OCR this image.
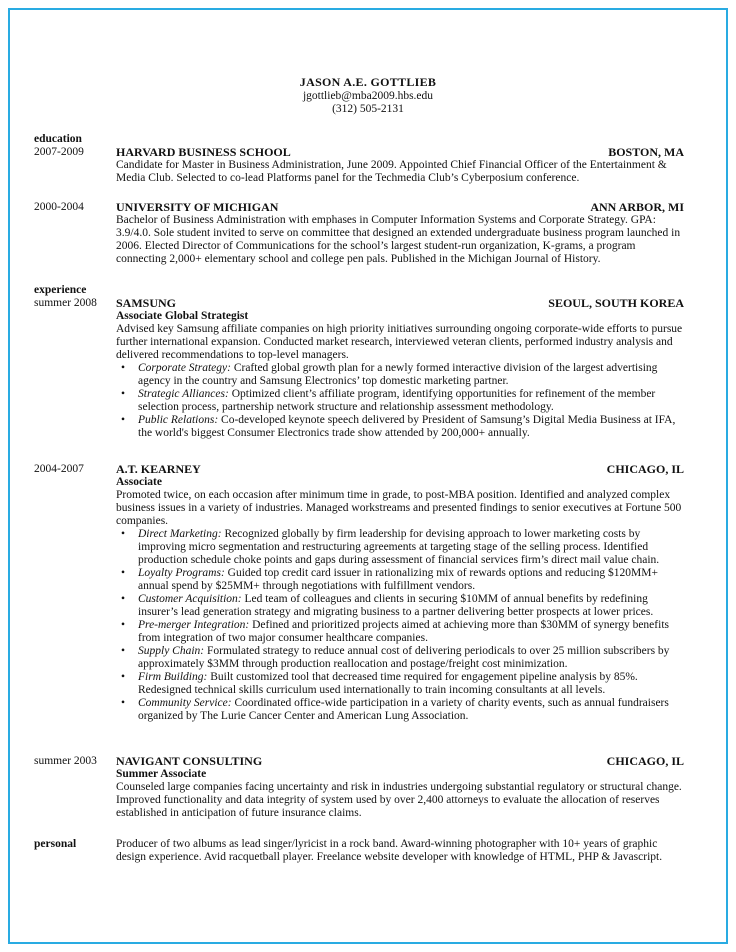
JASON A.E. GOTTLIEB
jgottlieb@mba2009.hbs.edu
(312) 505-2131
education
2007-2009	HARVARD BUSINESS SCHOOL	BOSTON, MA

Candidate for Master in Business Administration, June 2009. Appointed Chief Financial Officer of the Entertainment & Media Club. Selected to co-lead Platforms panel for the Techmedia Club’s Cyberposium conference.

2000-2004	UNIVERSITY OF MICHIGAN	ANN ARBOR, MI

Bachelor of Business Administration with emphases in Computer Information Systems and Corporate Strategy. GPA: 3.9/4.0. Sole student invited to serve on committee that designed an extended undergraduate business program launched in 2006. Elected Director of Communications for the school’s largest student-run organization, K-grams, a program connecting 2,000+ elementary school and college pen pals. Published in the Michigan Journal of History.

experience
summer 2008 SAMSUNG	SEOUL, SOUTH KOREA
Associate Global Strategist

Advised key Samsung affiliate companies on high priority initiatives surrounding ongoing corporate-wide efforts to pursue further international expansion. Conducted market research, interviewed veteran clients, performed industry analysis and delivered recommendations to top-level managers.

• Corporate Strategy: Crafted global growth plan for a newly formed interactive division of the largest advertising agency in the country and Samsung Electronics’ top domestic marketing partner.
• Strategic Alliances: Optimized client’s affiliate program, identifying opportunities for refinement of the member selection process, partnership network structure and relationship assessment methodology.
• Public Relations: Co-developed keynote speech delivered by President of Samsung’s Digital Media Business at IFA, the world's biggest Consumer Electronics trade show attended by 200,000+ annually.
2004-2007	A.T. KEARNEY	CHICAGO, IL
Associate

Promoted twice, on each occasion after minimum time in grade, to post-MBA position. Identified and analyzed complex business issues in a variety of industries. Managed workstreams and presented findings to senior executives at Fortune 500 companies.

• Direct Marketing: Recognized globally by firm leadership for devising approach to lower marketing costs by improving micro segmentation and restructuring agreements at targeting stage of the selling process. Identified production schedule choke points and gaps during assessment of financial services firm’s direct mail value chain.
• Loyalty Programs: Guided top credit card issuer in rationalizing mix of rewards options and reducing $120MM+ annual spend by $25MM+ through negotiations with fulfillment vendors.
• Customer Acquisition: Led team of colleagues and clients in securing $10MM of annual benefits by redefining insurer’s lead generation strategy and migrating business to a partner delivering better prospects at lower prices.
• Pre-merger Integration: Defined and prioritized projects aimed at achieving more than $30MM of synergy benefits from integration of two major consumer healthcare companies.
• Supply Chain: Formulated strategy to reduce annual cost of delivering periodicals to over 25 million subscribers by approximately $3MM through production reallocation and postage/freight cost minimization.
• Firm Building: Built customized tool that decreased time required for engagement pipeline analysis by 85%. Redesigned technical skills curriculum used internationally to train incoming consultants at all levels.
• Community Service: Coordinated office-wide participation in a variety of charity events, such as annual fundraisers organized by The Lurie Cancer Center and American Lung Association.
summer 2003 NAVIGANT CONSULTING	CHICAGO, IL
Summer Associate

Counseled large companies facing uncertainty and risk in industries undergoing substantial regulatory or structural change. Improved functionality and data integrity of system used by over 2,400 attorneys to evaluate the allocation of reserves established in anticipation of future insurance claims.

personal	Producer of two albums as lead singer/lyricist in a rock band. Award-winning photographer with 10+ years of graphic design experience. Avid racquetball player. Freelance website developer with knowledge of HTML, PHP & Javascript.
